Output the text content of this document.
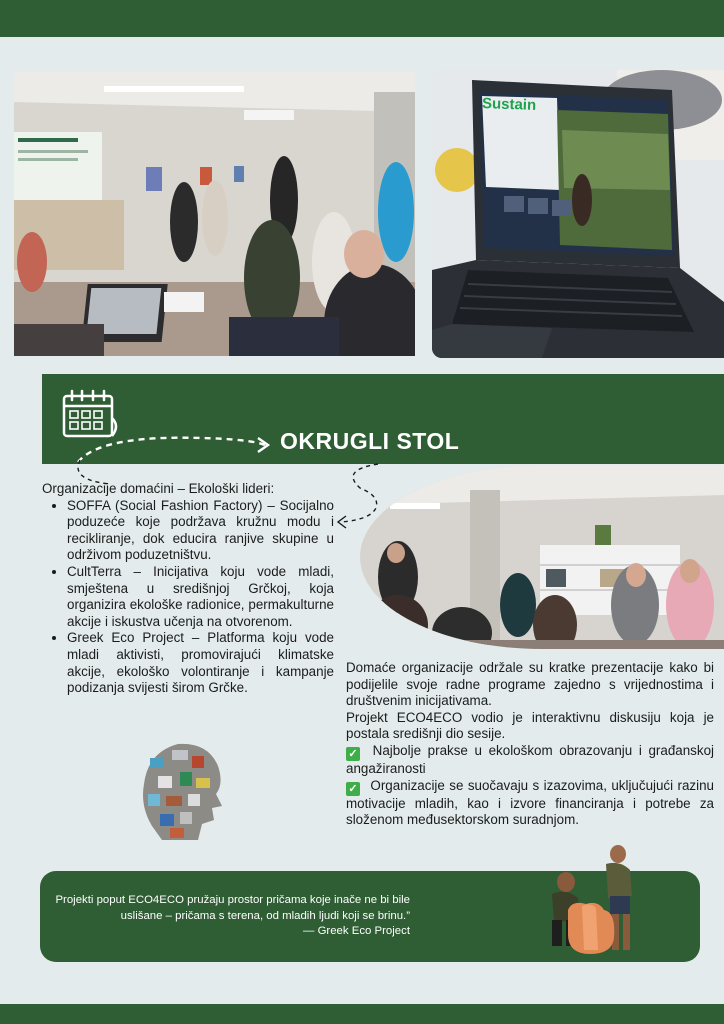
Sustain
OKRUGLI STOL
Organizacije domaćini – Ekološki lideri:
• SOFFA (Social Fashion Factory) – Socijalno poduzeće koje podržava kružnu modu i recikliranje, dok educira ranjive skupine u održivom poduzetništvu.
• CultTerra – Inicijativa koju vode mladi, smještena u središnjoj Grčkoj, koja organizira ekološke radionice, permakulturne akcije i iskustva učenja na otvorenom.
• Greek Eco Project – Platforma koju vode mladi aktivisti, promovirajući klimatske akcije, ekološko volontiranje i kampanje podizanja svijesti širom Grčke.

Domaće organizacije održale su kratke prezentacije kako bi podijelile svoje radne programe zajedno s vrijednostima i društvenim inicijativama.

Projekt ECO4ECO vodio je interaktivnu diskusiju koja je postala središnji dio sesije.

✓ Najbolje prakse u ekološkom obrazovanju i građanskoj angažiranosti

✓ Organizacije se suočavaju s izazovima, uključujući razinu motivacije mladih, kao i izvore financiranja i potrebe za složenom međusektorskom suradnjom.

Projekti poput ECO4ECO pružaju prostor pričama koje inače ne bi bile uslišane – pričama s terena, od mladih ljudi koji se brinu.”
— Greek Eco Project
